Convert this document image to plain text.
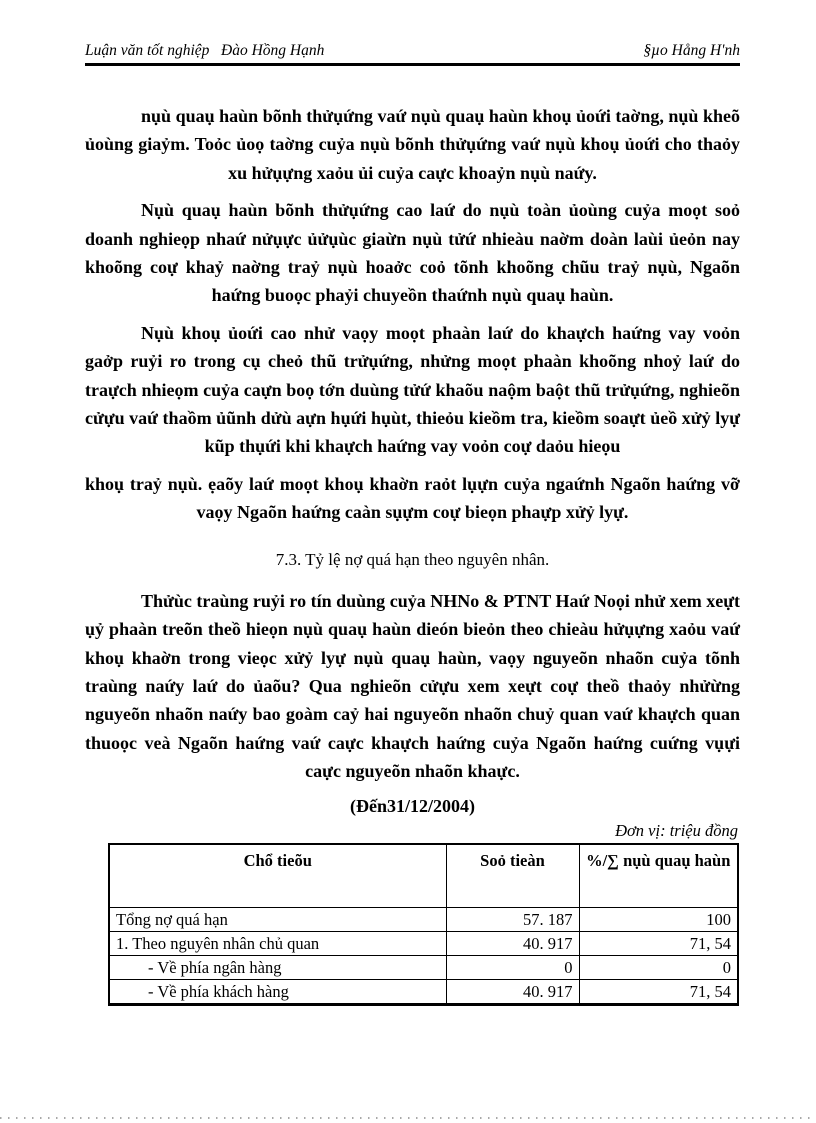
Luận văn tốt nghiệp   Đào Hồng Hạnh	§µo Hång H'nh
nụù quaụ haùn bõnh thửụứng vaứ nụù quaụ haùn khoụ ủoứi taờng, nụù kheõ ủoùng giaỷm. Toỏc ủoọ taờng cuỷa nụù bõnh thửụứng vaứ nụù khoụ ủoứi cho thaỏy xu hửụựng xaỏu ủi cuỷa caực khoaỷn nụù naứy.
Nụù quaụ haùn bõnh thửụứng cao laứ do nụù toàn ủoùng cuỷa moọt soỏ doanh nghieọp nhaứ nửụực ủửụùc giaừn nụù tửứ nhieàu naờm doàn laùi ủeỏn nay khoõng coự khaỷ naờng traỷ nụù hoaởc coỏ tõnh khoõng chũu traỷ nụù, Ngaõn haứng buoọc phaỷi chuyeồn thaứnh nụù quaụ haùn.
Nụù khoụ ủoứi cao nhử vaọy moọt phaàn laứ do khaựch haứng vay voỏn gaởp ruỷi ro trong cụ cheỏ thũ trửụứng, nhửng moọt phaàn khoõng nhoỷ laứ do traựch nhieọm cuỷa caựn boọ tớn duùng tửứ khaõu naộm baột thũ trửụứng, nghieõn cửựu vaứ thaồm ủũnh dửù aựn hụứi hụùt, thieỏu kieồm tra, kieồm soaựt ủeồ xửỷ lyự kũp thụứi khi khaựch haứng vay voỏn coự daỏu hieọu
khoụ traỷ nụù. ẹaõy laứ moọt khoụ khaờn raỏt lụựn cuỷa ngaứnh Ngaõn haứng vỡ vaọy Ngaõn haứng caàn sụựm coự bieọn phaựp xửỷ lyự.
7.3. Tỷ lệ nợ quá hạn theo nguyên nhân.
Thửùc traùng ruỷi ro tín duùng cuỷa NHNo & PTNT Haứ Noọi nhử xem xeựt ụỷ phaàn treõn theồ hieọn nụù quaụ haùn dieón bieỏn theo chieàu hửụựng xaỏu vaứ khoụ khaờn trong vieọc xửỷ lyự nụù quaụ haùn, vaọy nguyeõn nhaõn cuỷa tõnh traùng naứy laứ do ủaõu? Qua nghieõn cửựu xem xeựt coự theồ thaỏy nhửừng nguyeõn nhaõn naứy bao goàm caỷ hai nguyeõn nhaõn chuỷ quan vaứ khaựch quan thuoọc veà Ngaõn haứng vaứ caực khaựch haứng cuỷa Ngaõn haứng cuứng vụựi caực nguyeõn nhaõn khaực.
(Đến31/12/2004)
Đơn vị: triệu đồng
Chổ tieõu	Soỏ tieàn	%/∑ nụù quaụ haùn
Tổng nợ quá hạn	57. 187	100
1. Theo nguyên nhân chủ quan	40. 917	71, 54
- Về phía ngân hàng	0	0
- Về phía khách hàng	40. 917	71, 54
